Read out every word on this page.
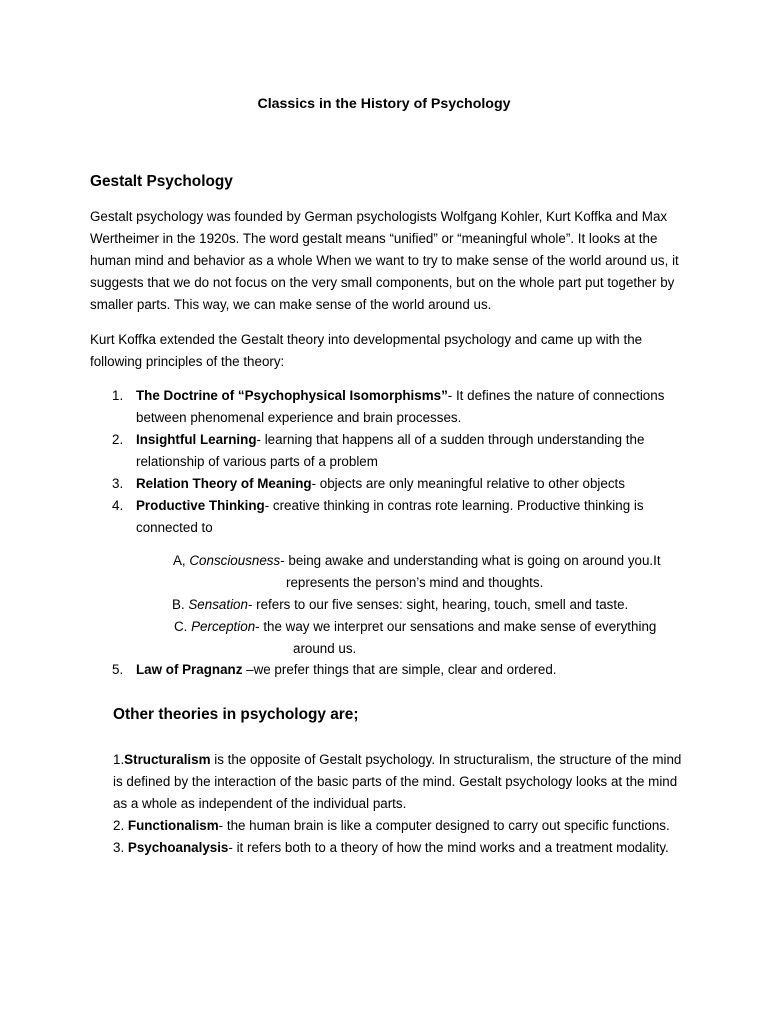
Classics in the History of Psychology
Gestalt Psychology

Gestalt psychology was founded by German psychologists Wolfgang Kohler, Kurt Koffka and Max Wertheimer in the 1920s. The word gestalt means “unified” or “meaningful whole”. It looks at the human mind and behavior as a whole When we want to try to make sense of the world around us, it suggests that we do not focus on the very small components, but on the whole part put together by smaller parts. This way, we can make sense of the world around us.

Kurt Koffka extended the Gestalt theory into developmental psychology and came up with the following principles of the theory:

1. The Doctrine of “Psychophysical Isomorphisms”- It defines the nature of connections between phenomenal experience and brain processes.
2. Insightful Learning- learning that happens all of a sudden through understanding the relationship of various parts of a problem
3. Relation Theory of Meaning- objects are only meaningful relative to other objects
4. Productive Thinking- creative thinking in contras rote learning. Productive thinking is connected to
A, Consciousness- being awake and understanding what is going on around you.It
represents the person’s mind and thoughts.
B. Sensation- refers to our five senses: sight, hearing, touch, smell and taste.
C. Perception- the way we interpret our sensations and make sense of everything
around us.
5. Law of Pragnanz –we prefer things that are simple, clear and ordered.
Other theories in psychology are;
1.Structuralism is the opposite of Gestalt psychology. In structuralism, the structure of the mind is defined by the interaction of the basic parts of the mind. Gestalt psychology looks at the mind as a whole as independent of the individual parts.
2. Functionalism- the human brain is like a computer designed to carry out specific functions.
3. Psychoanalysis- it refers both to a theory of how the mind works and a treatment modality.
